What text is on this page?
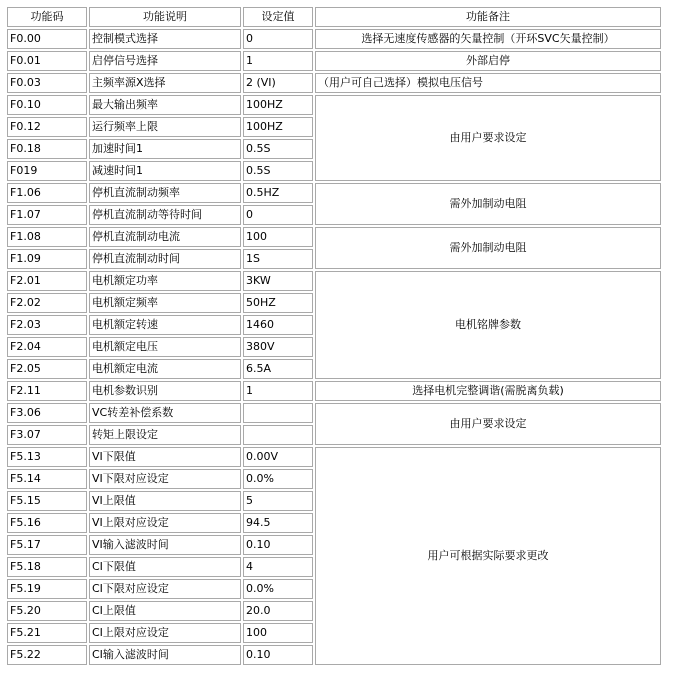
功能码	功能说明	设定值	功能备注
F0.00	控制模式选择	0	选择无速度传感器的矢量控制（开环SVC矢量控制）
F0.01	启停信号选择	1	外部启停
F0.03	主频率源X选择	2 (VI)	（用户可自己选择）模拟电压信号
F0.10	最大输出频率	100HZ	由用户要求设定
F0.12	运行频率上限	100HZ	
F0.18	加速时间1	0.5S	
F019	减速时间1	0.5S	
F1.06	停机直流制动频率	0.5HZ	需外加制动电阻
F1.07	停机直流制动等待时间	0	
F1.08	停机直流制动电流	100	需外加制动电阻
F1.09	停机直流制动时间	1S	
F2.01	电机额定功率	3KW	电机铭牌参数
F2.02	电机额定频率	50HZ	
F2.03	电机额定转速	1460	
F2.04	电机额定电压	380V	
F2.05	电机额定电流	6.5A	
F2.11	电机参数识别	1	选择电机完整调谐(需脱离负载)
F3.06	VC转差补偿系数		由用户要求设定
F3.07	转矩上限设定		
F5.13	VI下限值	0.00V	用户可根据实际要求更改
F5.14	VI下限对应设定	0.0%	
F5.15	VI上限值	5	
F5.16	VI上限对应设定	94.5	
F5.17	VI输入滤波时间	0.10	
F5.18	CI下限值	4	
F5.19	CI下限对应设定	0.0%	
F5.20	CI上限值	20.0	
F5.21	CI上限对应设定	100	
F5.22	CI输入滤波时间	0.10	
